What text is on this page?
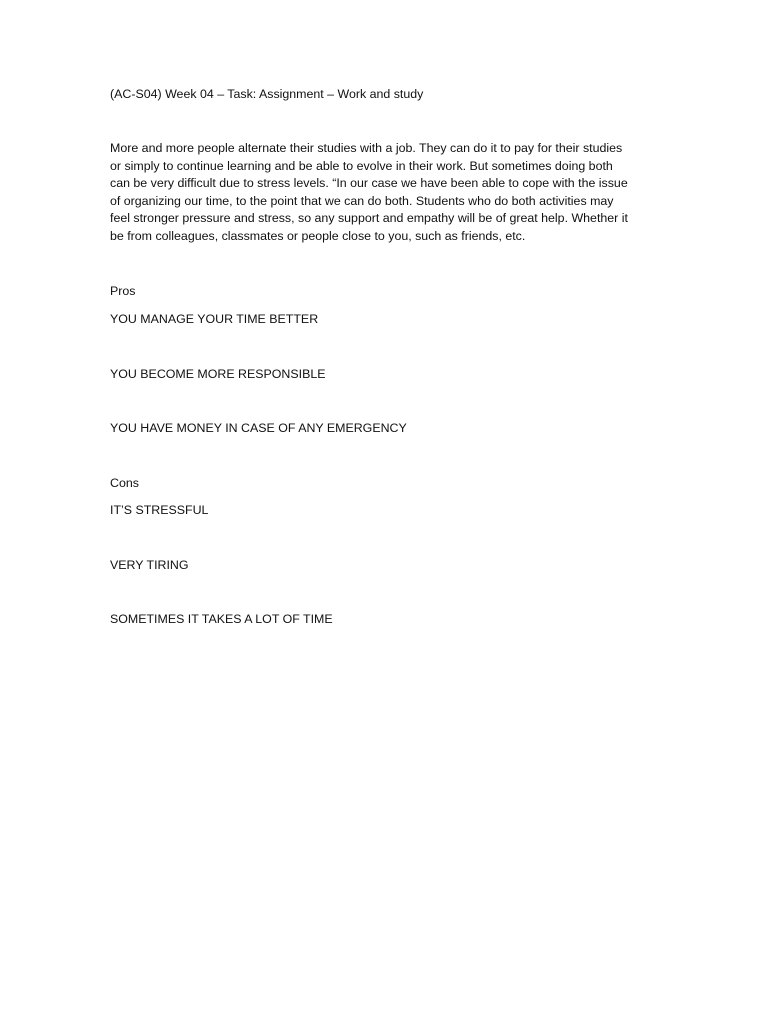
(AC-S04) Week 04 – Task: Assignment – Work and study
More and more people alternate their studies with a job. They can do it to pay for their studies
or simply to continue learning and be able to evolve in their work. But sometimes doing both
can be very difficult due to stress levels. “In our case we have been able to cope with the issue
of organizing our time, to the point that we can do both. Students who do both activities may
feel stronger pressure and stress, so any support and empathy will be of great help. Whether it
be from colleagues, classmates or people close to you, such as friends, etc.
Pros
YOU MANAGE YOUR TIME BETTER
YOU BECOME MORE RESPONSIBLE
YOU HAVE MONEY IN CASE OF ANY EMERGENCY
Cons
IT’S STRESSFUL
VERY TIRING
SOMETIMES IT TAKES A LOT OF TIME
